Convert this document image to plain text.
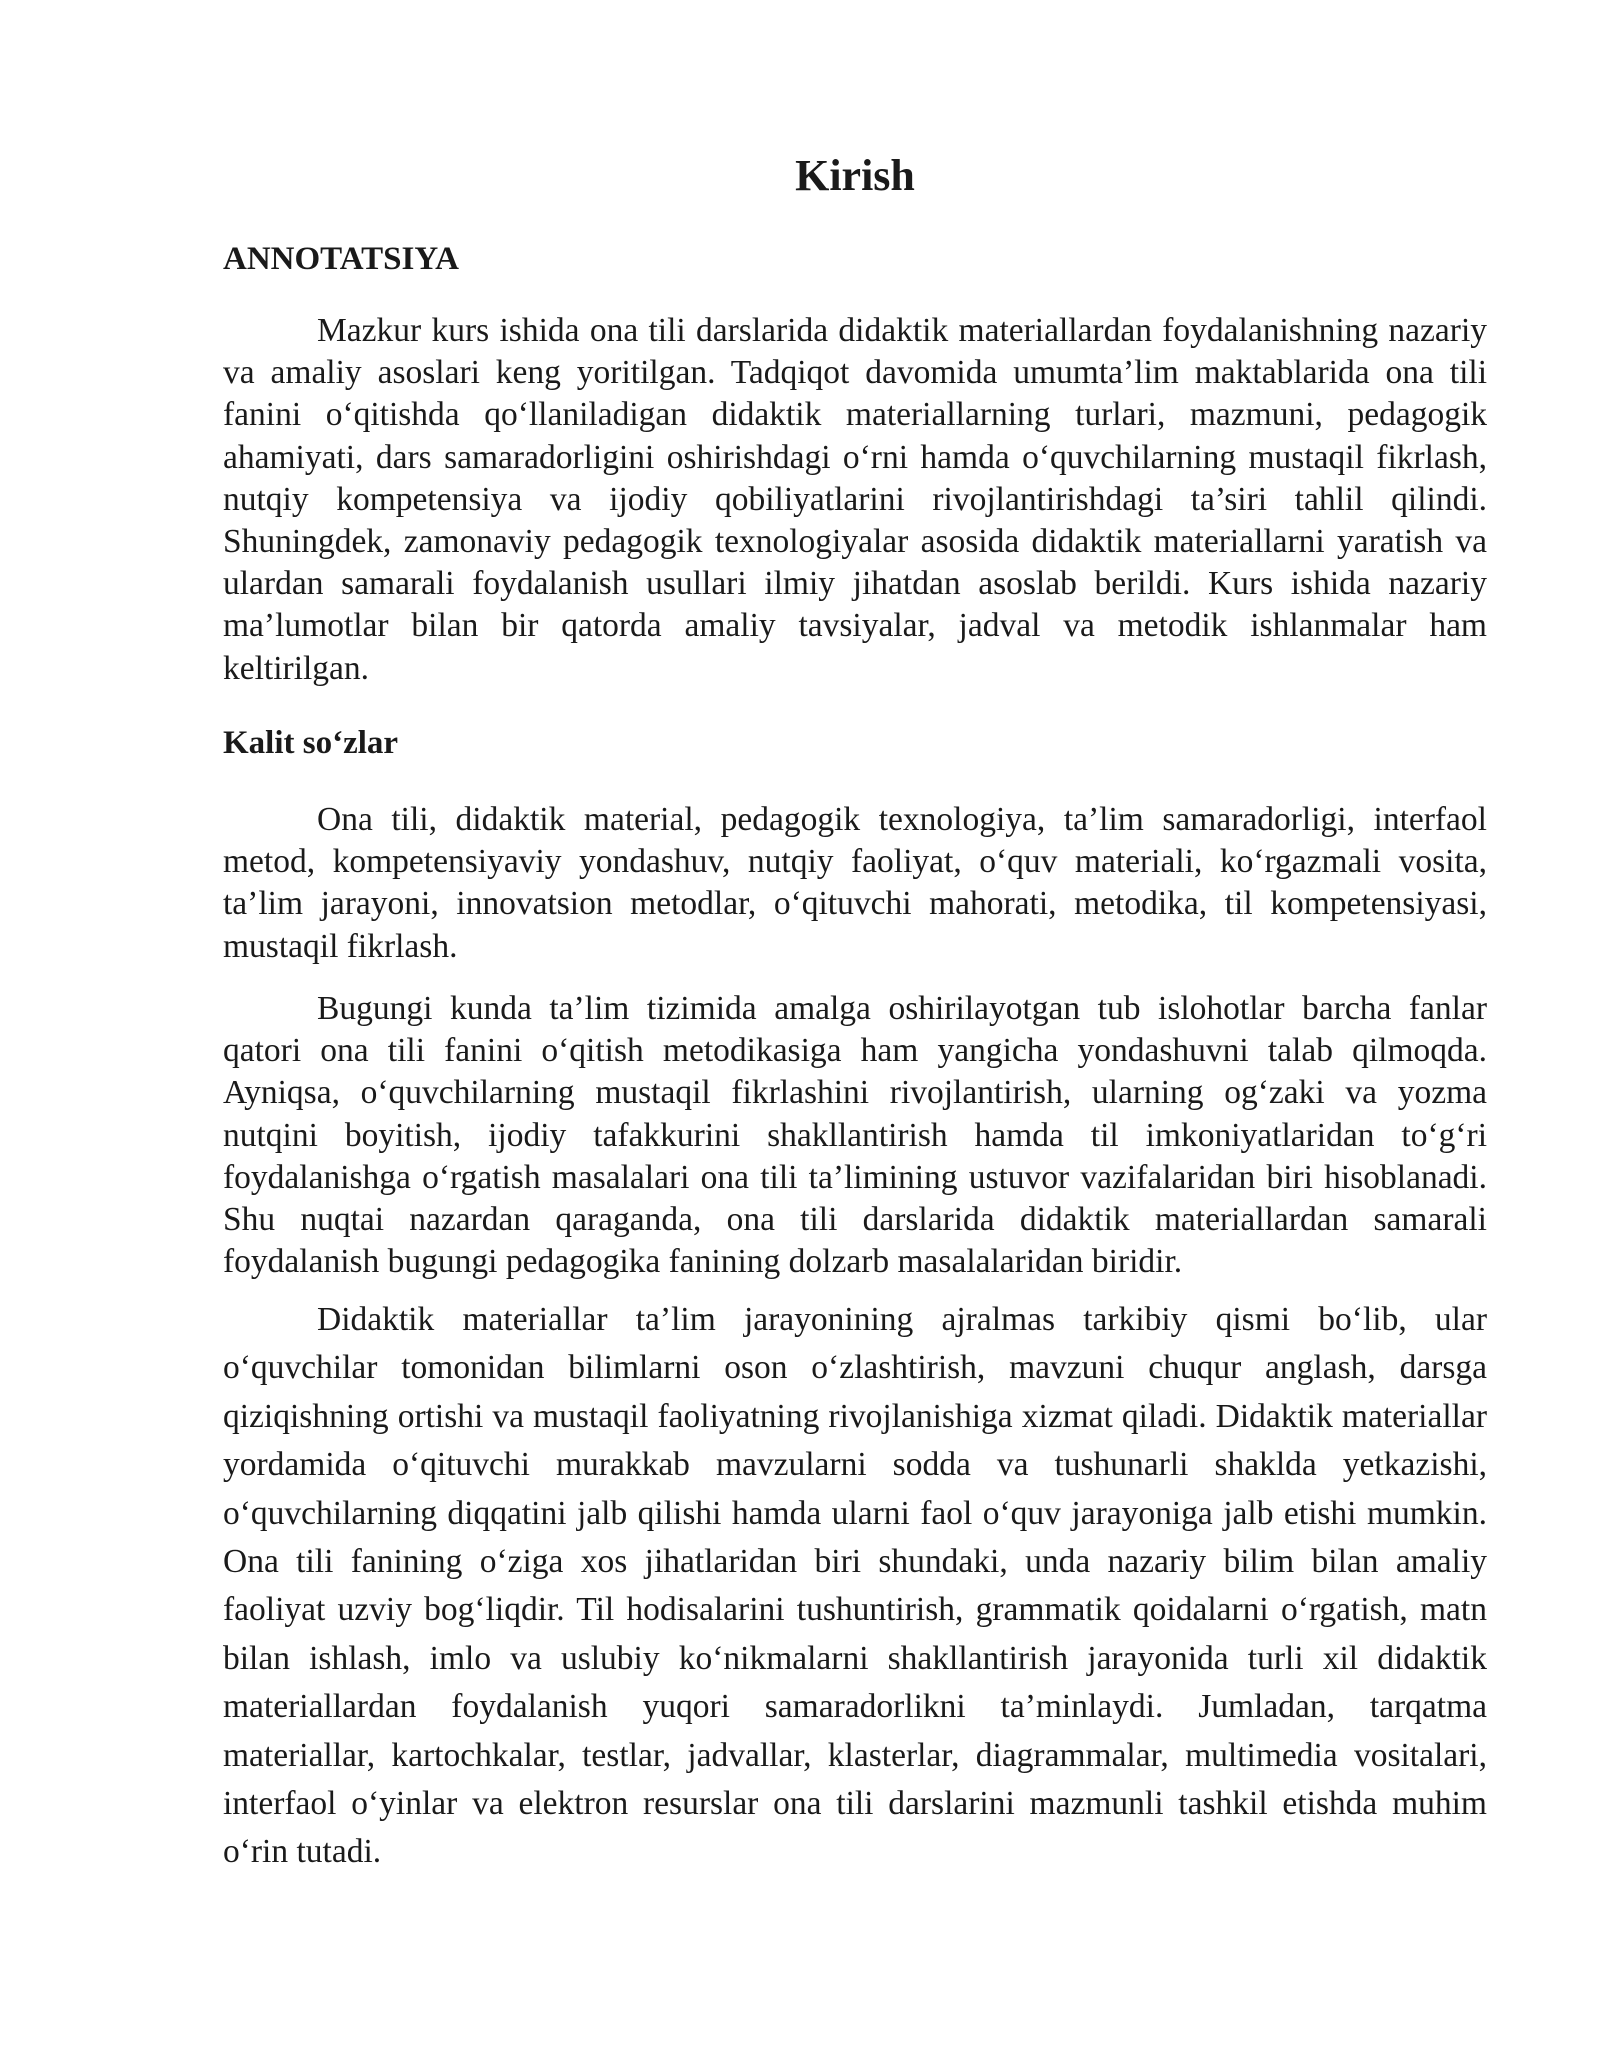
Kirish
ANNOTATSIYA

Mazkur kurs ishida ona tili darslarida didaktik materiallardan foydalanishning nazariy va amaliy asoslari keng yoritilgan. Tadqiqot davomida umumta’lim maktablarida ona tili fanini o‘qitishda qo‘llaniladigan didaktik materiallarning turlari, mazmuni, pedagogik ahamiyati, dars samaradorligini oshirishdagi o‘rni hamda o‘quvchilarning mustaqil fikrlash, nutqiy kompetensiya va ijodiy qobiliyatlarini rivojlantirishdagi ta’siri tahlil qilindi. Shuningdek, zamonaviy pedagogik texnologiyalar asosida didaktik materiallarni yaratish va ulardan samarali foydalanish usullari ilmiy jihatdan asoslab berildi. Kurs ishida nazariy ma’lumotlar bilan bir qatorda amaliy tavsiyalar, jadval va metodik ishlanmalar ham keltirilgan.

Kalit so‘zlar

Ona tili, didaktik material, pedagogik texnologiya, ta’lim samaradorligi, interfaol metod, kompetensiyaviy yondashuv, nutqiy faoliyat, o‘quv materiali, ko‘rgazmali vosita, ta’lim jarayoni, innovatsion metodlar, o‘qituvchi mahorati, metodika, til kompetensiyasi, mustaqil fikrlash.

Bugungi kunda ta’lim tizimida amalga oshirilayotgan tub islohotlar barcha fanlar qatori ona tili fanini o‘qitish metodikasiga ham yangicha yondashuvni talab qilmoqda. Ayniqsa, o‘quvchilarning mustaqil fikrlashini rivojlantirish, ularning og‘zaki va yozma nutqini boyitish, ijodiy tafakkurini shakllantirish hamda til imkoniyatlaridan to‘g‘ri foydalanishga o‘rgatish masalalari ona tili ta’limining ustuvor vazifalaridan biri hisoblanadi. Shu nuqtai nazardan qaraganda, ona tili darslarida didaktik materiallardan samarali foydalanish bugungi pedagogika fanining dolzarb masalalaridan biridir.

Didaktik materiallar ta’lim jarayonining ajralmas tarkibiy qismi bo‘lib, ular o‘quvchilar tomonidan bilimlarni oson o‘zlashtirish, mavzuni chuqur anglash, darsga qiziqishning ortishi va mustaqil faoliyatning rivojlanishiga xizmat qiladi. Didaktik materiallar yordamida o‘qituvchi murakkab mavzularni sodda va tushunarli shaklda yetkazishi, o‘quvchilarning diqqatini jalb qilishi hamda ularni faol o‘quv jarayoniga jalb etishi mumkin. Ona tili fanining o‘ziga xos jihatlaridan biri shundaki, unda nazariy bilim bilan amaliy faoliyat uzviy bog‘liqdir. Til hodisalarini tushuntirish, grammatik qoidalarni o‘rgatish, matn bilan ishlash, imlo va uslubiy ko‘nikmalarni shakllantirish jarayonida turli xil didaktik materiallardan foydalanish yuqori samaradorlikni ta’minlaydi. Jumladan, tarqatma materiallar, kartochkalar, testlar, jadvallar, klasterlar, diagrammalar, multimedia vositalari, interfaol o‘yinlar va elektron resurslar ona tili darslarini mazmunli tashkil etishda muhim o‘rin tutadi.
